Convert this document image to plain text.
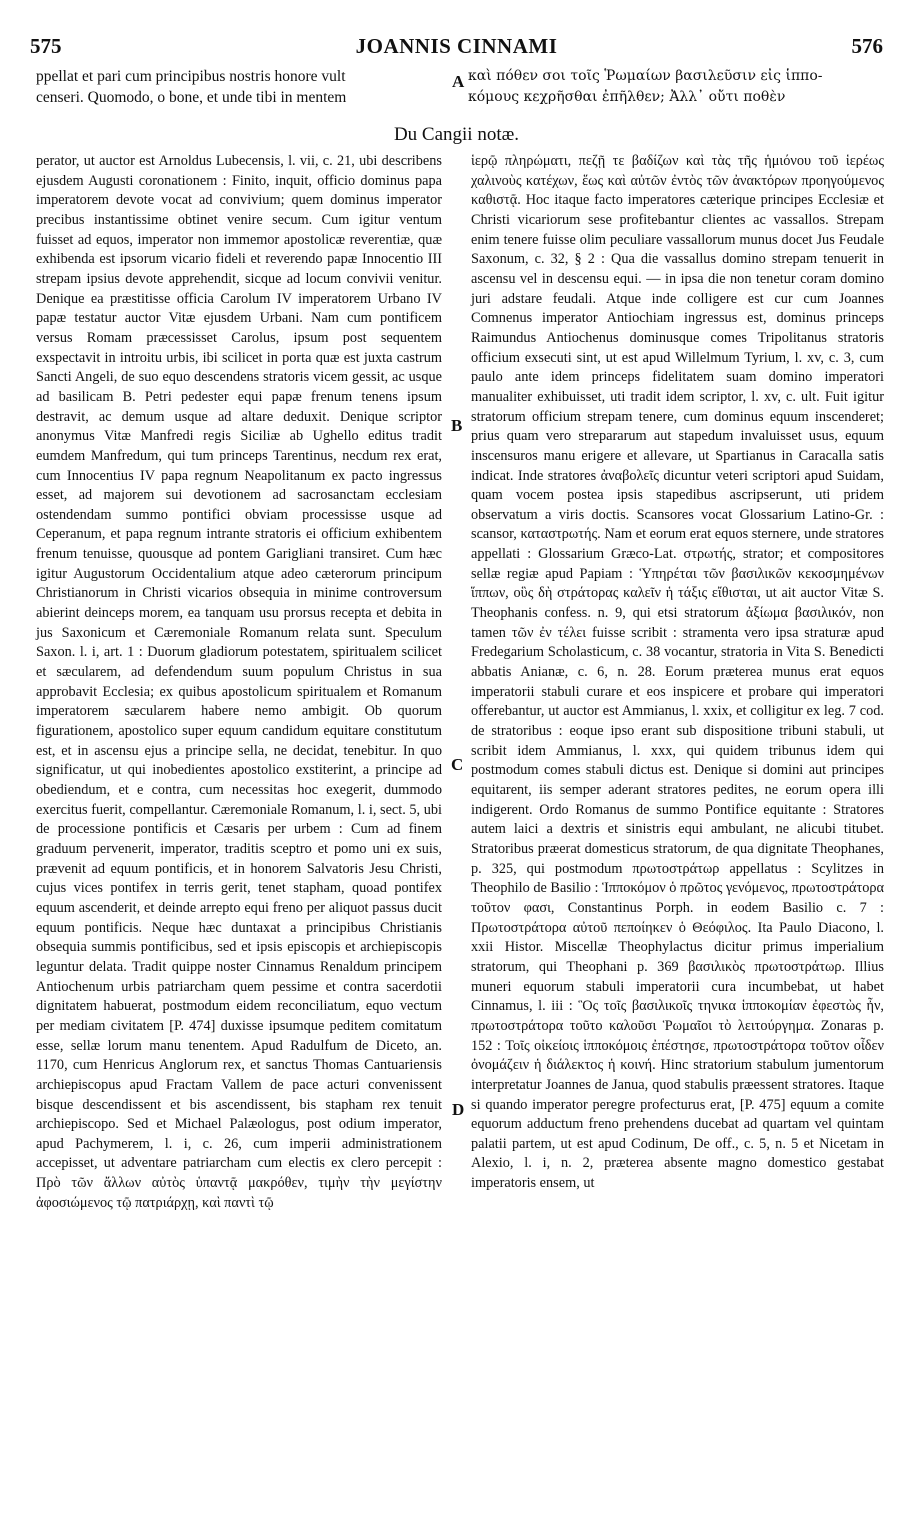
575	JOANNIS CINNAMI	576
ppellat et pari cum principibus nostris honore vult
censeri. Quomodo, o bone, et unde tibi in mentem
καὶ πόθεν σοι τοῖς Ῥωμαίων βασιλεῦσιν εἰς ἱππο-
κόμους κεχρῆσθαι ἐπῆλθεν; Ἀλλ᾽ οὔτι ποθὲν
Du Cangii notæ.
A
B
C
D

perator, ut auctor est Arnoldus Lubecensis, l. vii, c. 21, ubi describens ejusdem Augusti coronationem : Finito, inquit, officio dominus papa imperatorem devote vocat ad convivium; quem dominus imperator precibus instantissime obtinet venire secum. Cum igitur ventum fuisset ad equos, imperator non immemor apostolicæ reverentiæ, quæ exhibenda est ipsorum vicario fideli et reverendo papæ Innocentio III strepam ipsius devote apprehendit, sicque ad locum convivii venitur. Denique ea præstitisse officia Carolum IV imperatorem Urbano IV papæ testatur auctor Vitæ ejusdem Urbani. Nam cum pontificem versus Romam præcessisset Carolus, ipsum post sequentem exspectavit in introitu urbis, ibi scilicet in porta quæ est juxta castrum Sancti Angeli, de suo equo descendens stratoris vicem gessit, ac usque ad basilicam B. Petri pedester equi papæ frenum tenens ipsum destravit, ac demum usque ad altare deduxit. Denique scriptor anonymus Vitæ Manfredi regis Siciliæ ab Ughello editus tradit eumdem Manfredum, qui tum princeps Tarentinus, necdum rex erat, cum Innocentius IV papa regnum Neapolitanum ex pacto ingressus esset, ad majorem sui devotionem ad sacrosanctam ecclesiam ostendendam summo pontifici obviam processisse usque ad Ceperanum, et papa regnum intrante stratoris ei officium exhibentem frenum tenuisse, quousque ad pontem Garigliani transiret. Cum hæc igitur Augustorum Occidentalium atque adeo cæterorum principum Christianorum in Christi vicarios obsequia in minime controversum abierint deinceps morem, ea tanquam usu prorsus recepta et debita in jus Saxonicum et Cæremoniale Romanum relata sunt. Speculum Saxon. l. i, art. 1 : Duorum gladiorum potestatem, spiritualem scilicet et sæcularem, ad defendendum suum populum Christus in sua approbavit Ecclesia; ex quibus apostolicum spiritualem et Romanum imperatorem sæcularem habere nemo ambigit. Ob quorum figurationem, apostolico super equum candidum equitare constitutum est, et in ascensu ejus a principe sella, ne decidat, tenebitur. In quo significatur, ut qui inobedientes apostolico exstiterint, a principe ad obediendum, et e contra, cum necessitas hoc exegerit, dummodo exercitus fuerit, compellantur. Cæremoniale Romanum, l. i, sect. 5, ubi de processione pontificis et Cæsaris per urbem : Cum ad finem graduum pervenerit, imperator, traditis sceptro et pomo uni ex suis, prævenit ad equum pontificis, et in honorem Salvatoris Jesu Christi, cujus vices pontifex in terris gerit, tenet stapham, quoad pontifex equum ascenderit, et deinde arrepto equi freno per aliquot passus ducit equum pontificis. Neque hæc duntaxat a principibus Christianis obsequia summis pontificibus, sed et ipsis episcopis et archiepiscopis leguntur delata. Tradit quippe noster Cinnamus Renaldum principem Antiochenum urbis patriarcham quem pessime et contra sacerdotii dignitatem habuerat, postmodum eidem reconciliatum, equo vectum per mediam civitatem [P. 474] duxisse ipsumque peditem comitatum esse, sellæ lorum manu tenentem. Apud Radulfum de Diceto, an. 1170, cum Henricus Anglorum rex, et sanctus Thomas Cantuariensis archiepiscopus apud Fractam Vallem de pace acturi convenissent bisque descendissent et bis ascendissent, bis stapham rex tenuit archiepiscopo. Sed et Michael Palæologus, post odium imperator, apud Pachymerem, l. i, c. 26, cum imperii administrationem accepisset, ut adventare patriarcham cum electis ex clero percepit : Πρὸ τῶν ἄλλων αὐτὸς ὑπαντᾷ μακρόθεν, τιμὴν τὴν μεγίστην ἀφοσιώμενος τῷ πατριάρχῃ, καὶ παντὶ τῷ

ἱερῷ πληρώματι, πεζῇ τε βαδίζων καὶ τὰς τῆς ἡμιόνου τοῦ ἱερέως χαλινοὺς κατέχων, ἕως καὶ αὐτῶν ἐντὸς τῶν ἀνακτόρων προηγούμενος καθιστᾷ. Hoc itaque facto imperatores cæterique principes Ecclesiæ et Christi vicariorum sese profitebantur clientes ac vassallos. Strepam enim tenere fuisse olim peculiare vassallorum munus docet Jus Feudale Saxonum, c. 32, § 2 : Qua die vassallus domino strepam tenuerit in ascensu vel in descensu equi. — in ipsa die non tenetur coram domino juri adstare feudali. Atque inde colligere est cur cum Joannes Comnenus imperator Antiochiam ingressus est, dominus princeps Raimundus Antiochenus dominusque comes Tripolitanus stratoris officium exsecuti sint, ut est apud Willelmum Tyrium, l. xv, c. 3, cum paulo ante idem princeps fidelitatem suam domino imperatori manualiter exhibuisset, uti tradit idem scriptor, l. xv, c. ult. Fuit igitur stratorum officium strepam tenere, cum dominus equum inscenderet; prius quam vero strepararum aut stapedum invaluisset usus, equum inscensuros manu erigere et allevare, ut Spartianus in Caracalla satis indicat. Inde stratores ἀναβολεῖς dicuntur veteri scriptori apud Suidam, quam vocem postea ipsis stapedibus ascripserunt, uti pridem observatum a viris doctis. Scansores vocat Glossarium Latino-Gr. : scansor, καταστρωτής. Nam et eorum erat equos sternere, unde stratores appellati : Glossarium Græco-Lat. στρωτής, strator; et compositores sellæ regiæ apud Papiam : Ὑπηρέται τῶν βασιλικῶν κεκοσμημένων ἵππων, οὓς δὴ στράτορας καλεῖν ἡ τάξις εἴθισται, ut ait auctor Vitæ S. Theophanis confess. n. 9, qui etsi stratorum ἀξίωμα βασιλικόν, non tamen τῶν ἐν τέλει fuisse scribit : stramenta vero ipsa straturæ apud Fredegarium Scholasticum, c. 38 vocantur, stratoria in Vita S. Benedicti abbatis Anianæ, c. 6, n. 28. Eorum præterea munus erat equos imperatorii stabuli curare et eos inspicere et probare qui imperatori offerebantur, ut auctor est Ammianus, l. xxix, et colligitur ex leg. 7 cod. de stratoribus : eoque ipso erant sub dispositione tribuni stabuli, ut scribit idem Ammianus, l. xxx, qui quidem tribunus idem qui postmodum comes stabuli dictus est. Denique si domini aut principes equitarent, iis semper aderant stratores pedites, ne eorum opera illi indigerent. Ordo Romanus de summo Pontifice equitante : Stratores autem laici a dextris et sinistris equi ambulant, ne alicubi titubet. Stratoribus præerat domesticus stratorum, de qua dignitate Theophanes, p. 325, qui postmodum πρωτοστράτωρ appellatus : Scylitzes in Theophilo de Basilio : Ἱπποκόμον ὁ πρῶτος γενόμενος, πρωτοστράτορα τοῦτον φασι, Constantinus Porph. in eodem Basilio c. 7 : Πρωτοστράτορα αὐτοῦ πεποίηκεν ὁ Θεόφιλος. Ita Paulo Diacono, l. xxii Histor. Miscellæ Theophylactus dicitur primus imperialium stratorum, qui Theophani p. 369 βασιλικὸς πρωτοστράτωρ. Illius muneri equorum stabuli imperatorii cura incumbebat, ut habet Cinnamus, l. iii : Ὃς τοῖς βασιλικοῖς τηνικα ἱπποκομίαν ἐφεστὼς ἦν, πρωτοστράτορα τοῦτο καλοῦσι Ῥωμαῖοι τὸ λειτούργημα. Zonaras p. 152 : Τοῖς οἰκείοις ἱπποκόμοις ἐπέστησε, πρωτοστράτορα τοῦτον οἶδεν ὀνομάζειν ἡ διάλεκτος ἡ κοινή. Hinc stratorium stabulum jumentorum interpretatur Joannes de Janua, quod stabulis præessent stratores. Itaque si quando imperator peregre profecturus erat, [P. 475] equum a comite equorum adductum freno prehendens ducebat ad quartam vel quintam palatii partem, ut est apud Codinum, De off., c. 5, n. 5 et Nicetam in Alexio, l. i, n. 2, præterea absente magno domestico gestabat imperatoris ensem, ut
